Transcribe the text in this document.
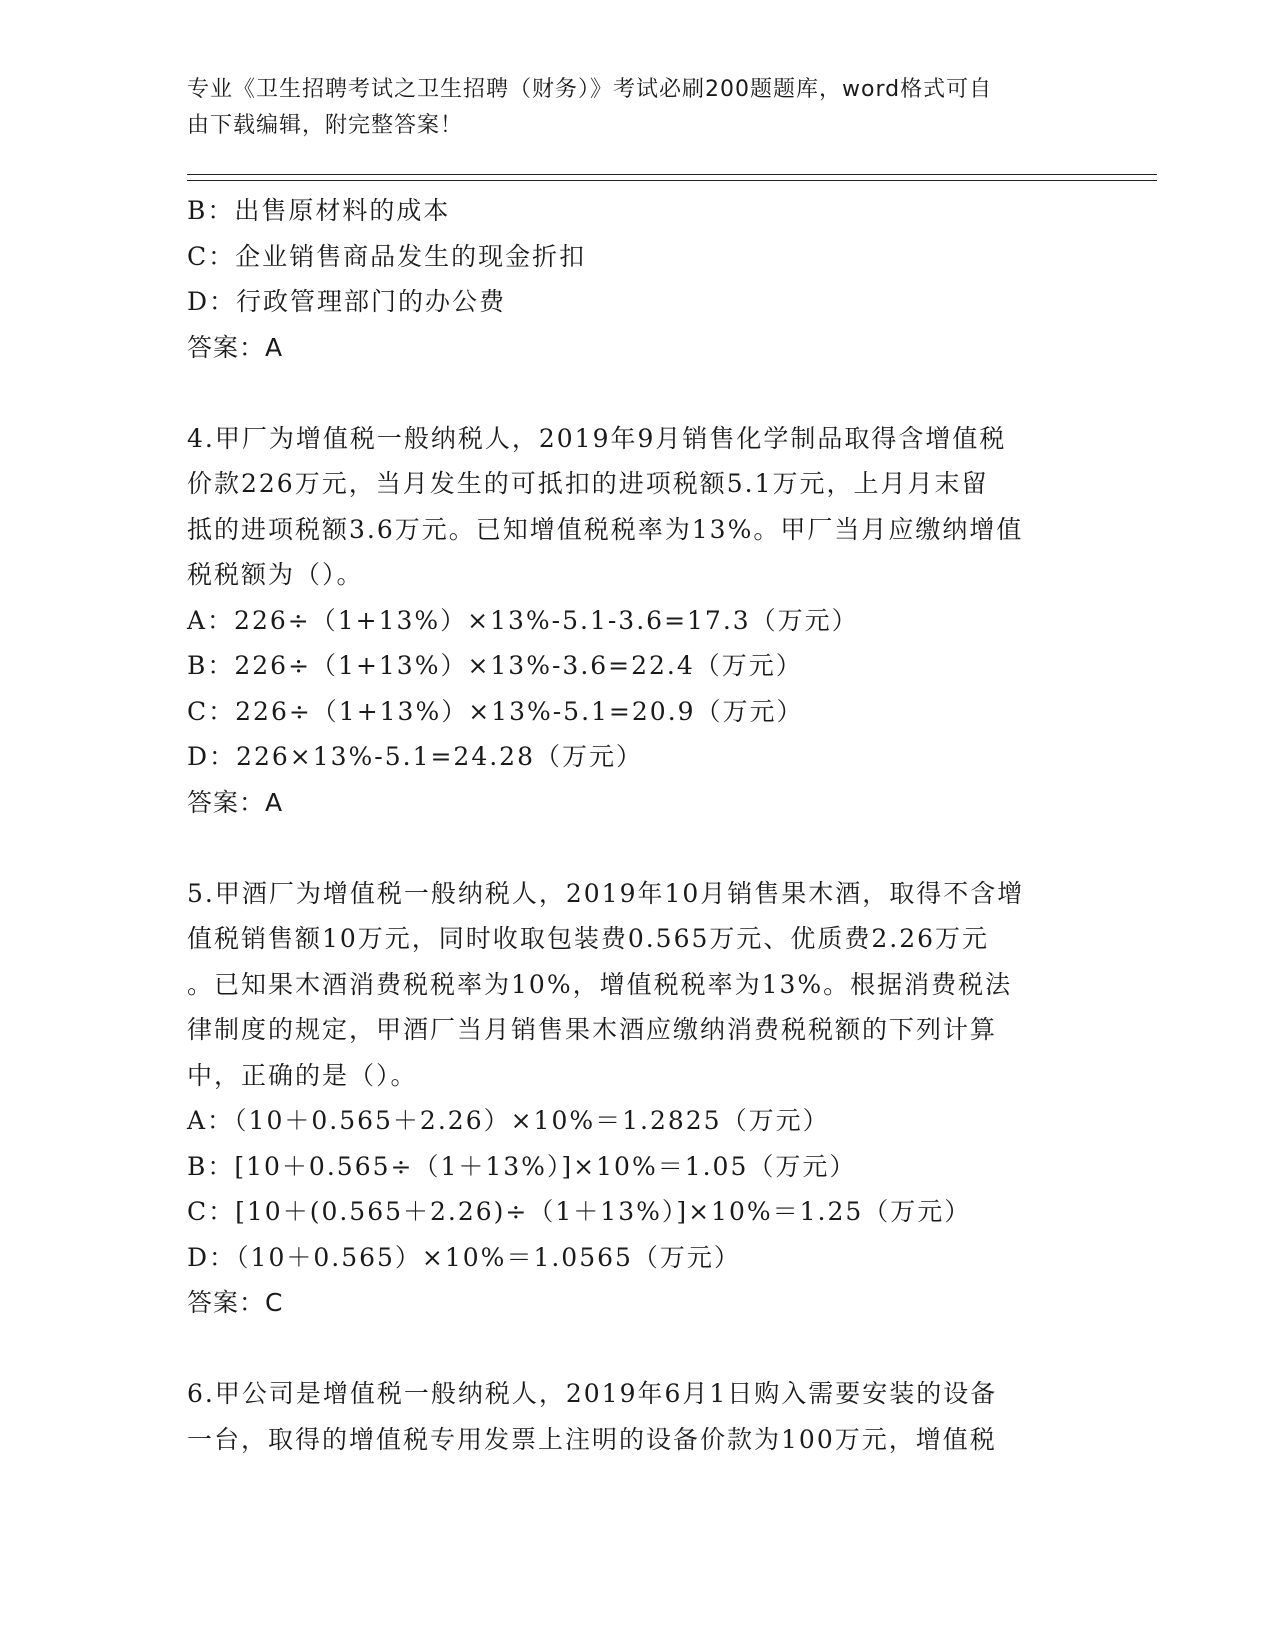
专业《卫生招聘考试之卫生招聘（财务）》考试必刷200题题库，word格式可自
由下载编辑，附完整答案！
B：出售原材料的成本
C：企业销售商品发生的现金折扣
D：行政管理部门的办公费
答案：A
4.甲厂为增值税一般纳税人，2019年9月销售化学制品取得含增值税
价款226万元，当月发生的可抵扣的进项税额5.1万元，上月月末留
抵的进项税额3.6万元。已知增值税税率为13%。甲厂当月应缴纳增值
税税额为（）。
A：226÷（1+13%）×13%-5.1-3.6=17.3（万元）
B：226÷（1+13%）×13%-3.6=22.4（万元）
C：226÷（1+13%）×13%-5.1=20.9（万元）
D：226×13%-5.1=24.28（万元）
答案：A
5.甲酒厂为增值税一般纳税人，2019年10月销售果木酒，取得不含增
值税销售额10万元，同时收取包装费0.565万元、优质费2.26万元
。已知果木酒消费税税率为10%，增值税税率为13%。根据消费税法
律制度的规定，甲酒厂当月销售果木酒应缴纳消费税税额的下列计算
中，正确的是（）。
A：（10＋0.565＋2.26）×10%＝1.2825（万元）
B：[10＋0.565÷（1＋13%）]×10%＝1.05（万元）
C：[10＋(0.565＋2.26)÷（1＋13%）]×10%＝1.25（万元）
D：（10＋0.565）×10%＝1.0565（万元）
答案：C
6.甲公司是增值税一般纳税人，2019年6月1日购入需要安装的设备
一台，取得的增值税专用发票上注明的设备价款为100万元，增值税
